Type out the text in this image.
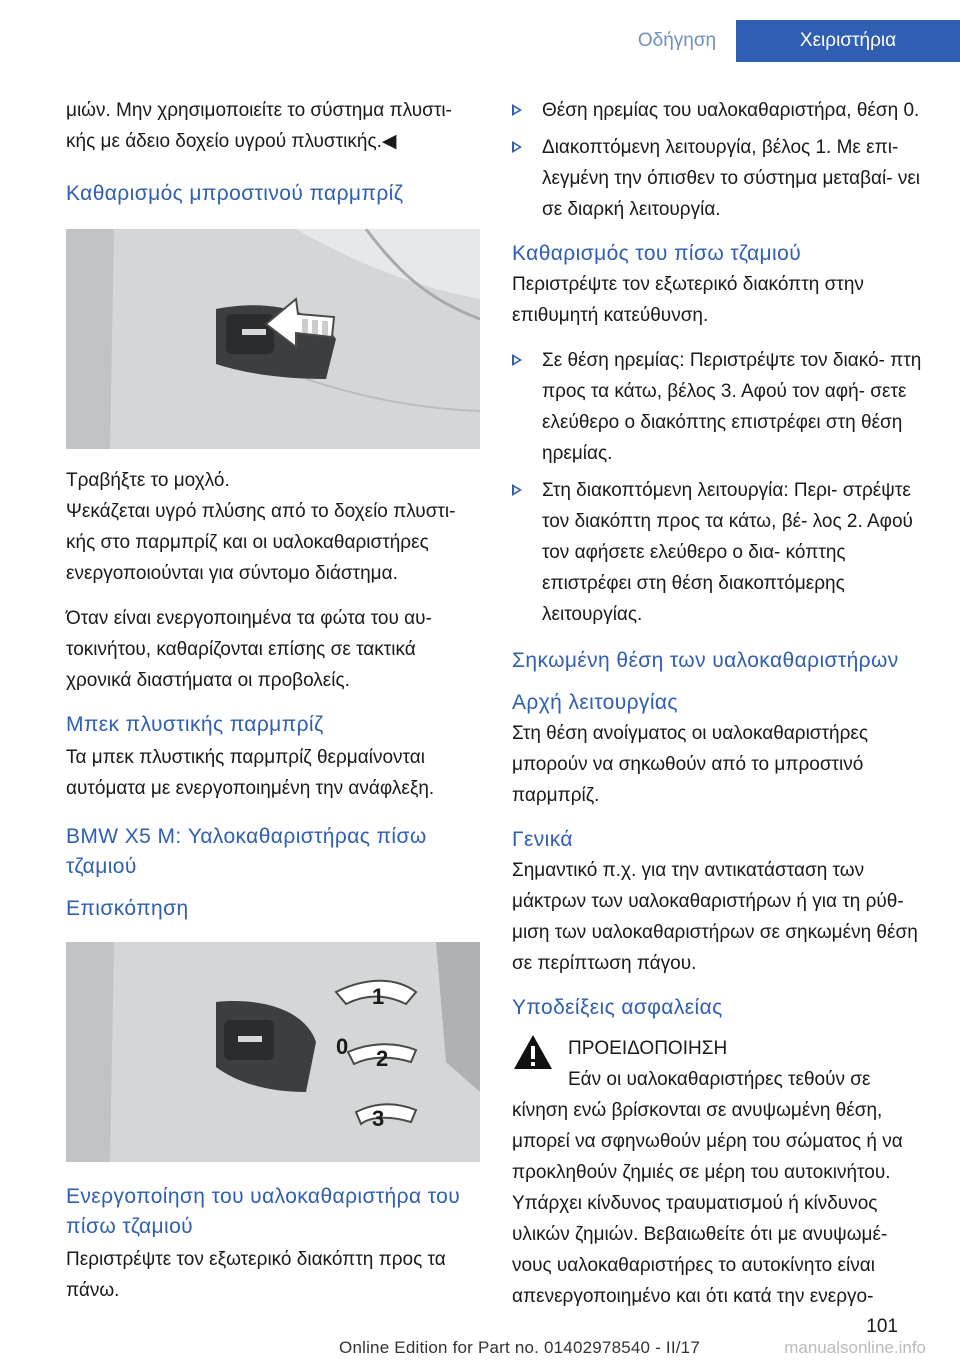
Οδήγηση	Χειριστήρια

μιών. Μην χρησιμοποιείτε το σύστημα πλυστι‐ κής με άδειο δοχείο υγρού πλυστικής.◀

Καθαρισμός μπροστινού παρμπρίζ

Τραβήξτε το μοχλό.

Ψεκάζεται υγρό πλύσης από το δοχείο πλυστι‐ κής στο παρμπρίζ και οι υαλοκαθαριστήρες ενεργοποιούνται για σύντομο διάστημα.

Όταν είναι ενεργοποιημένα τα φώτα του αυ‐ τοκινήτου, καθαρίζονται επίσης σε τακτικά χρονικά διαστήματα οι προβολείς.

Μπεκ πλυστικής παρμπρίζ

Τα μπεκ πλυστικής παρμπρίζ θερμαίνονται αυτόματα με ενεργοποιημένη την ανάφλεξη.

BMW X5 M: Υαλοκαθαριστήρας πίσω τζαμιού
Επισκόπηση
1
0 2
3
Ενεργοποίηση του υαλοκαθαριστήρα του πίσω τζαμιού

Περιστρέψτε τον εξωτερικό διακόπτη προς τα πάνω.

Θέση ηρεμίας του υαλοκαθαριστήρα, θέση 0.
Διακοπτόμενη λειτουργία, βέλος 1. Με επι‐ λεγμένη την όπισθεν το σύστημα μεταβαί‐ νει σε διαρκή λειτουργία.
Καθαρισμός του πίσω τζαμιού

Περιστρέψτε τον εξωτερικό διακόπτη στην επιθυμητή κατεύθυνση.

Σε θέση ηρεμίας: Περιστρέψτε τον διακό‐ πτη προς τα κάτω, βέλος 3. Αφού τον αφή‐ σετε ελεύθερο ο διακόπτης επιστρέφει στη θέση ηρεμίας.
Στη διακοπτόμενη λειτουργία: Περι‐ στρέψτε τον διακόπτη προς τα κάτω, βέ‐ λος 2. Αφού τον αφήσετε ελεύθερο ο δια‐ κόπτης επιστρέφει στη θέση διακοπτόμερης λειτουργίας.
Σηκωμένη θέση των υαλοκαθαριστήρων
Αρχή λειτουργίας

Στη θέση ανοίγματος οι υαλοκαθαριστήρες μπορούν να σηκωθούν από το μπροστινό παρμπρίζ.

Γενικά

Σημαντικό π.χ. για την αντικατάσταση των μάκτρων των υαλοκαθαριστήρων ή για τη ρύθ‐ μιση των υαλοκαθαριστήρων σε σηκωμένη θέση σε περίπτωση πάγου.

Υποδείξεις ασφαλείας
ΠΡΟΕΙΔΟΠΟΙΗΣΗ
Εάν οι υαλοκαθαριστήρες τεθούν σε

κίνηση ενώ βρίσκονται σε ανυψωμένη θέση, μπορεί να σφηνωθούν μέρη του σώματος ή να προκληθούν ζημιές σε μέρη του αυτοκινήτου. Υπάρχει κίνδυνος τραυματισμού ή κίνδυνος υλικών ζημιών. Βεβαιωθείτε ότι με ανυψωμέ‐ νους υαλοκαθαριστήρες το αυτοκίνητο είναι απενεργοποιημένο και ότι κατά την ενεργο‐

101
Online Edition for Part no. 01402978540 - II/17	manualsonline.info
